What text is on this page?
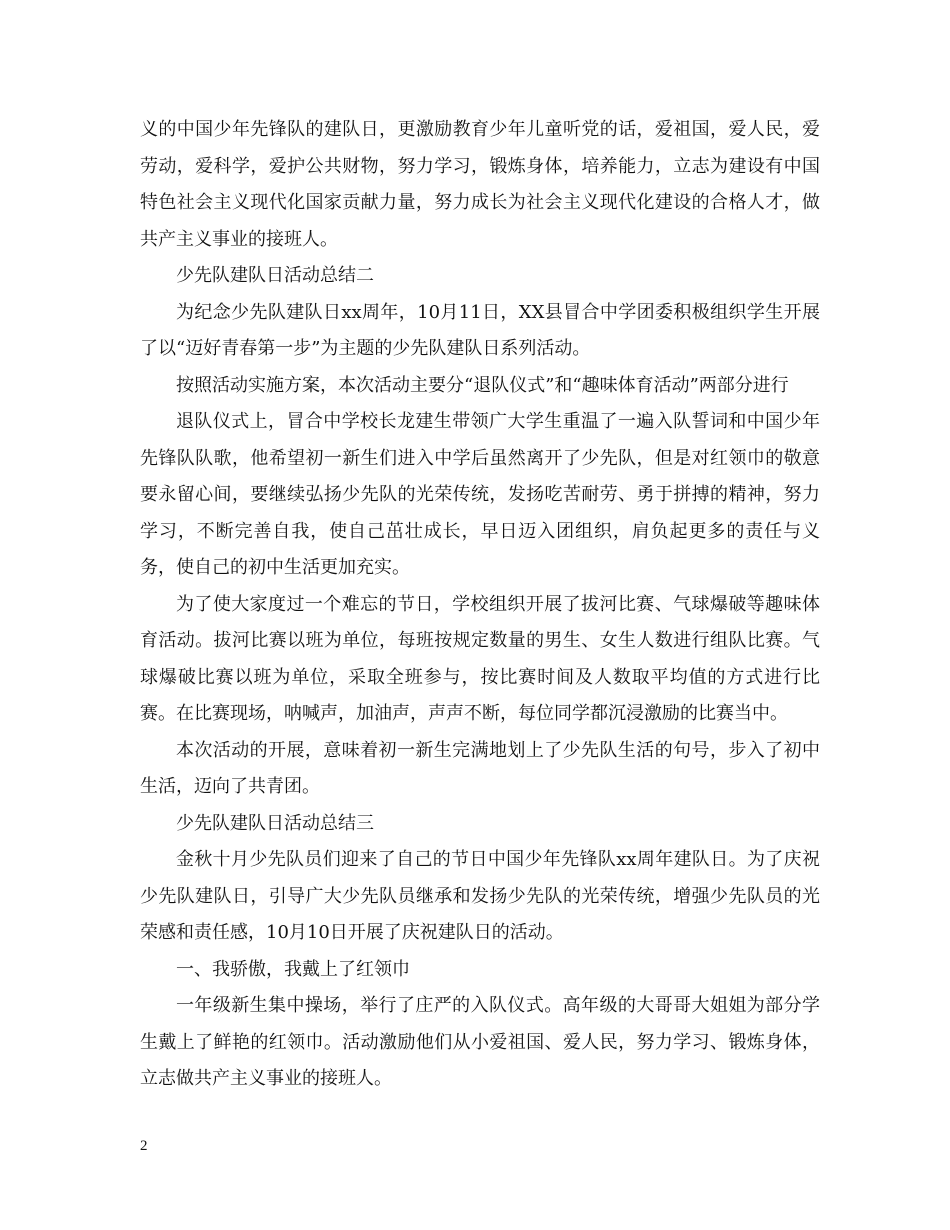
义的中国少年先锋队的建队日，更激励教育少年儿童听党的话，爱祖国，爱人民，爱劳动，爱科学，爱护公共财物，努力学习，锻炼身体，培养能力，立志为建设有中国特色社会主义现代化国家贡献力量，努力成长为社会主义现代化建设的合格人才，做共产主义事业的接班人。

少先队建队日活动总结二

为纪念少先队建队日xx周年，10月11日，XX县冒合中学团委积极组织学生开展了以“迈好青春第一步”为主题的少先队建队日系列活动。

按照活动实施方案，本次活动主要分“退队仪式”和“趣味体育活动”两部分进行

退队仪式上，冒合中学校长龙建生带领广大学生重温了一遍入队誓词和中国少年先锋队队歌，他希望初一新生们进入中学后虽然离开了少先队，但是对红领巾的敬意要永留心间，要继续弘扬少先队的光荣传统，发扬吃苦耐劳、勇于拼搏的精神，努力学习，不断完善自我，使自己茁壮成长，早日迈入团组织，肩负起更多的责任与义务，使自己的初中生活更加充实。

为了使大家度过一个难忘的节日，学校组织开展了拔河比赛、气球爆破等趣味体育活动。拔河比赛以班为单位，每班按规定数量的男生、女生人数进行组队比赛。气球爆破比赛以班为单位，采取全班参与，按比赛时间及人数取平均值的方式进行比赛。在比赛现场，呐喊声，加油声，声声不断，每位同学都沉浸激励的比赛当中。

本次活动的开展，意味着初一新生完满地划上了少先队生活的句号，步入了初中生活，迈向了共青团。

少先队建队日活动总结三

金秋十月少先队员们迎来了自己的节日中国少年先锋队xx周年建队日。为了庆祝少先队建队日，引导广大少先队员继承和发扬少先队的光荣传统，增强少先队员的光荣感和责任感，10月10日开展了庆祝建队日的活动。

一、我骄傲，我戴上了红领巾

一年级新生集中操场，举行了庄严的入队仪式。高年级的大哥哥大姐姐为部分学生戴上了鲜艳的红领巾。活动激励他们从小爱祖国、爱人民，努力学习、锻炼身体，立志做共产主义事业的接班人。

2
